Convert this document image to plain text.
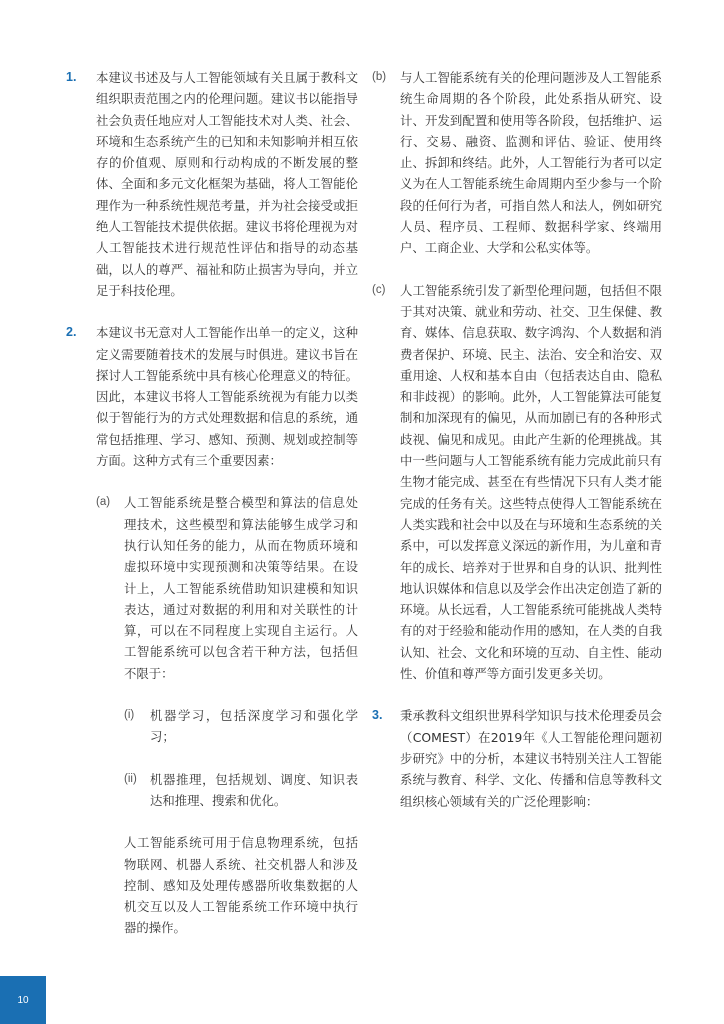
1. 本建议书述及与人工智能领域有关且属于教科文组织职责范围之内的伦理问题。建议书以能指导社会负责任地应对人工智能技术对人类、社会、环境和生态系统产生的已知和未知影响并相互依存的价值观、原则和行动构成的不断发展的整体、全面和多元文化框架为基础，将人工智能伦理作为一种系统性规范考量，并为社会接受或拒绝人工智能技术提供依据。建议书将伦理视为对人工智能技术进行规范性评估和指导的动态基础，以人的尊严、福祉和防止损害为导向，并立足于科技伦理。
2. 本建议书无意对人工智能作出单一的定义，这种定义需要随着技术的发展与时俱进。建议书旨在探讨人工智能系统中具有核心伦理意义的特征。因此，本建议书将人工智能系统视为有能力以类似于智能行为的方式处理数据和信息的系统，通常包括推理、学习、感知、预测、规划或控制等方面。这种方式有三个重要因素：
(a) 人工智能系统是整合模型和算法的信息处理技术，这些模型和算法能够生成学习和执行认知任务的能力，从而在物质环境和虚拟环境中实现预测和决策等结果。在设计上，人工智能系统借助知识建模和知识表达，通过对数据的利用和对关联性的计算，可以在不同程度上实现自主运行。人工智能系统可以包含若干种方法，包括但不限于：
(i) 机器学习，包括深度学习和强化学习；
(ii) 机器推理，包括规划、调度、知识表达和推理、搜索和优化。
人工智能系统可用于信息物理系统，包括物联网、机器人系统、社交机器人和涉及控制、感知及处理传感器所收集数据的人机交互以及人工智能系统工作环境中执行器的操作。
(b) 与人工智能系统有关的伦理问题涉及人工智能系统生命周期的各个阶段，此处系指从研究、设计、开发到配置和使用等各阶段，包括维护、运行、交易、融资、监测和评估、验证、使用终止、拆卸和终结。此外，人工智能行为者可以定义为在人工智能系统生命周期内至少参与一个阶段的任何行为者，可指自然人和法人，例如研究人员、程序员、工程师、数据科学家、终端用户、工商企业、大学和公私实体等。
(c) 人工智能系统引发了新型伦理问题，包括但不限于其对决策、就业和劳动、社交、卫生保健、教育、媒体、信息获取、数字鸿沟、个人数据和消费者保护、环境、民主、法治、安全和治安、双重用途、人权和基本自由（包括表达自由、隐私和非歧视）的影响。此外，人工智能算法可能复制和加深现有的偏见，从而加剧已有的各种形式歧视、偏见和成见。由此产生新的伦理挑战。其中一些问题与人工智能系统有能力完成此前只有生物才能完成、甚至在有些情况下只有人类才能完成的任务有关。这些特点使得人工智能系统在人类实践和社会中以及在与环境和生态系统的关系中，可以发挥意义深远的新作用，为儿童和青年的成长、培养对于世界和自身的认识、批判性地认识媒体和信息以及学会作出决定创造了新的环境。从长远看，人工智能系统可能挑战人类特有的对于经验和能动作用的感知，在人类的自我认知、社会、文化和环境的互动、自主性、能动性、价值和尊严等方面引发更多关切。
3. 秉承教科文组织世界科学知识与技术伦理委员会（COMEST）在2019年《人工智能伦理问题初步研究》中的分析，本建议书特别关注人工智能系统与教育、科学、文化、传播和信息等教科文组织核心领域有关的广泛伦理影响：
10
